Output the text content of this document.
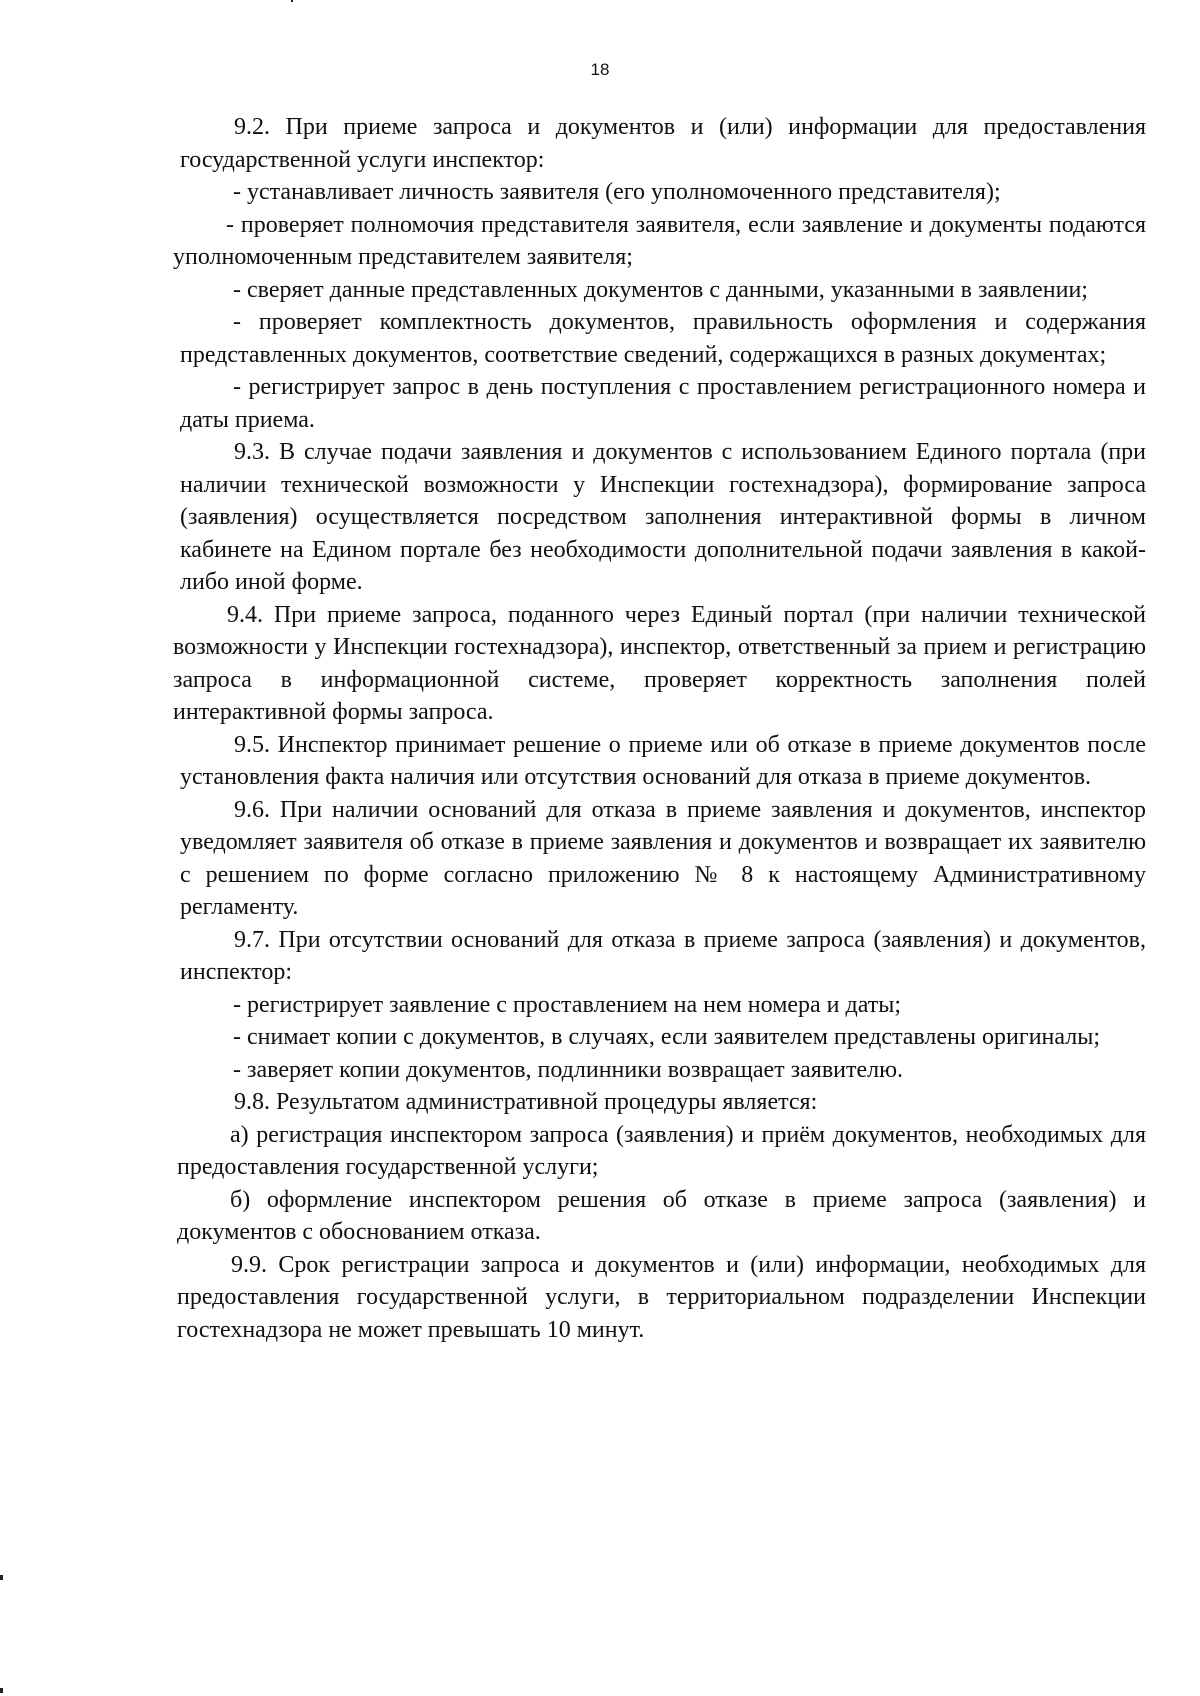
18

9.2. При приеме запроса и документов и (или) информации для предоставления государственной услуги инспектор:

- устанавливает личность заявителя (его уполномоченного представителя);

- проверяет полномочия представителя заявителя, если заявление и документы подаются уполномоченным представителем заявителя;

- сверяет данные представленных документов с данными, указанными в заявлении;

- проверяет комплектность документов, правильность оформления и содержания представленных документов, соответствие сведений, содержащихся в разных документах;

- регистрирует запрос в день поступления с проставлением регистрационного номера и даты приема.

9.3. В случае подачи заявления и документов с использованием Единого портала (при наличии технической возможности у Инспекции гостехнадзора), формирование запроса (заявления) осуществляется посредством заполнения интерактивной формы в личном кабинете на Едином портале без необходимости дополнительной подачи заявления в какой-либо иной форме.

9.4. При приеме запроса, поданного через Единый портал (при наличии технической возможности у Инспекции гостехнадзора), инспектор, ответственный за прием и регистрацию запроса в информационной системе, проверяет корректность заполнения полей интерактивной формы запроса.

9.5. Инспектор принимает решение о приеме или об отказе в приеме документов после установления факта наличия или отсутствия оснований для отказа в приеме документов.

9.6. При наличии оснований для отказа в приеме заявления и документов, инспектор уведомляет заявителя об отказе в приеме заявления и документов и возвращает их заявителю с решением по форме согласно приложению № 8 к настоящему Административному регламенту.

9.7. При отсутствии оснований для отказа в приеме запроса (заявления) и документов, инспектор:

- регистрирует заявление с проставлением на нем номера и даты;

- снимает копии с документов, в случаях, если заявителем представлены оригиналы;

- заверяет копии документов, подлинники возвращает заявителю.

9.8. Результатом административной процедуры является:

а) регистрация инспектором запроса (заявления) и приём документов, необходимых для предоставления государственной услуги;

б) оформление инспектором решения об отказе в приеме запроса (заявления) и документов с обоснованием отказа.

9.9. Срок регистрации запроса и документов и (или) информации, необходимых для предоставления государственной услуги, в территориальном подразделении Инспекции гостехнадзора не может превышать 10 минут.
